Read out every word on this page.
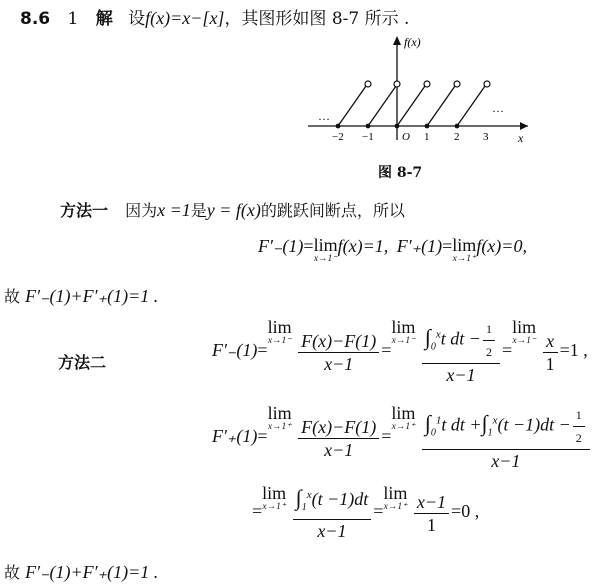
8.6 1 解 设f(x)=x−[x]，其图形如图 8-7 所示 .
f(x)
x
O
…
…
−2 −1	1 2 3
图 8-7
方法一 因为x =1是y = f(x)的跳跃间断点，所以
F′₋(1)=lim
x→1⁻
f(x)=1, F′₊(1)=lim
x→1⁺
f(x)=0,
故 F′₋(1)+F′₊(1)=1 .
方法二
F′₋(1)=lim
x→1⁻
$\frac{F(x)-F(1)}{x-1} =\lim$
x→1⁻
$\frac{\int_0^xt dt - \frac{1}{2}}{x-1} =\lim$
x→1⁻
$\frac{x}{1} =1$ ,
F′₊(1)=lim
x→1⁺
$\frac{F(x)-F(1)}{x-1} =\lim$
x→1⁺
$\frac{\int_0^1t dt +\int_1^x(t -1)dt - \frac{1}{2}}{x-1}$
=lim
x→1⁺
$\frac{\int_1^x(t -1)dt}{x-1} =\lim$
x→1⁺
$\frac{x-1}{1} =0$ ,
故 F′₋(1)+F′₊(1)=1 .
